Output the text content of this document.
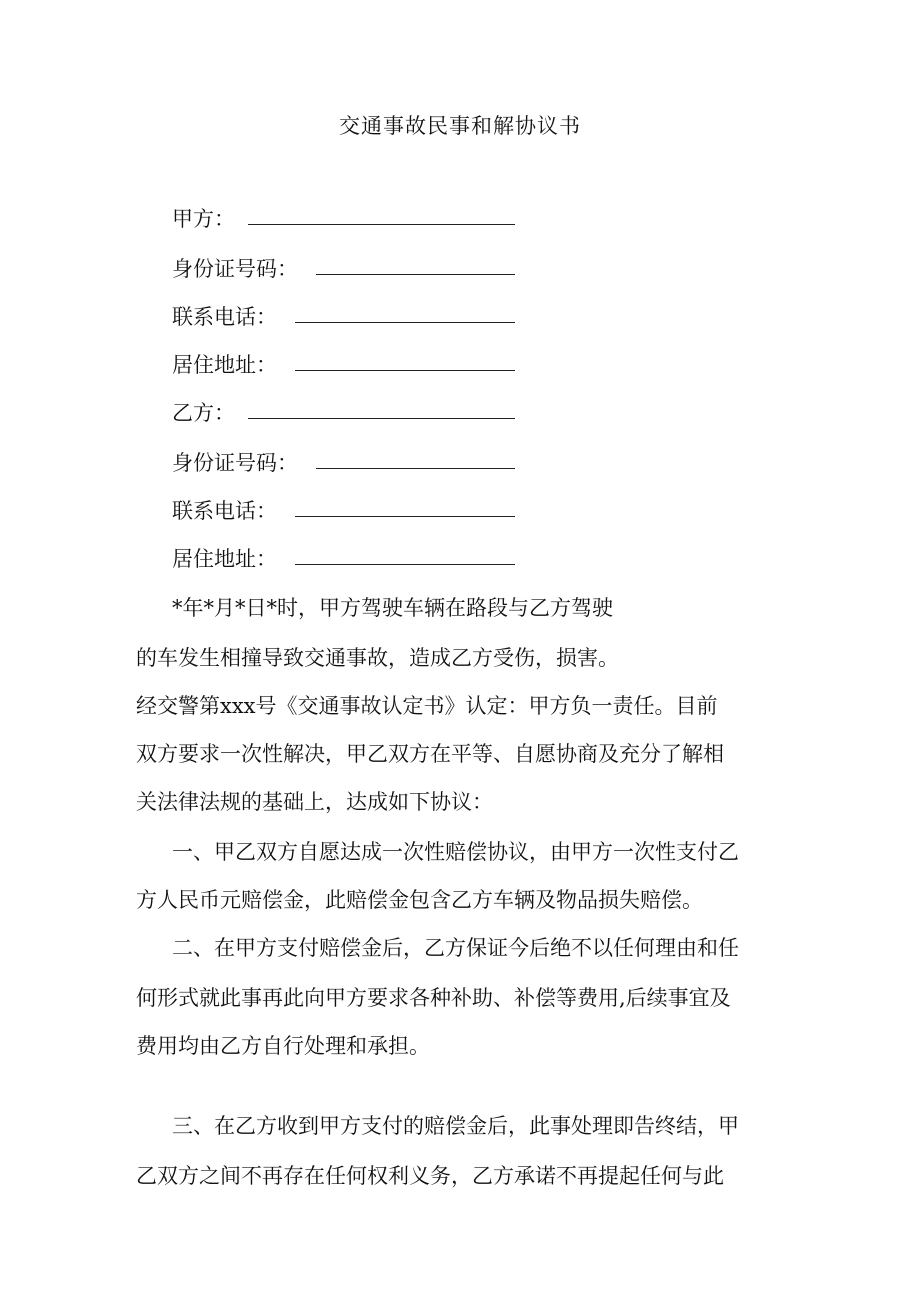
交通事故民事和解协议书
甲方：
身份证号码：
联系电话：
居住地址：
乙方：
身份证号码：
联系电话：
居住地址：
*年*月*日*时，甲方驾驶车辆在路段与乙方驾驶
的车发生相撞导致交通事故，造成乙方受伤，损害。
经交警第xxx号《交通事故认定书》认定：甲方负一责任。目前
双方要求一次性解决，甲乙双方在平等、自愿协商及充分了解相
关法律法规的基础上，达成如下协议：
一、甲乙双方自愿达成一次性赔偿协议，由甲方一次性支付乙
方人民币元赔偿金，此赔偿金包含乙方车辆及物品损失赔偿。
二、在甲方支付赔偿金后，乙方保证今后绝不以任何理由和任
何形式就此事再此向甲方要求各种补助、补偿等费用,后续事宜及
费用均由乙方自行处理和承担。
三、在乙方收到甲方支付的赔偿金后，此事处理即告终结，甲
乙双方之间不再存在任何权利义务，乙方承诺不再提起任何与此
